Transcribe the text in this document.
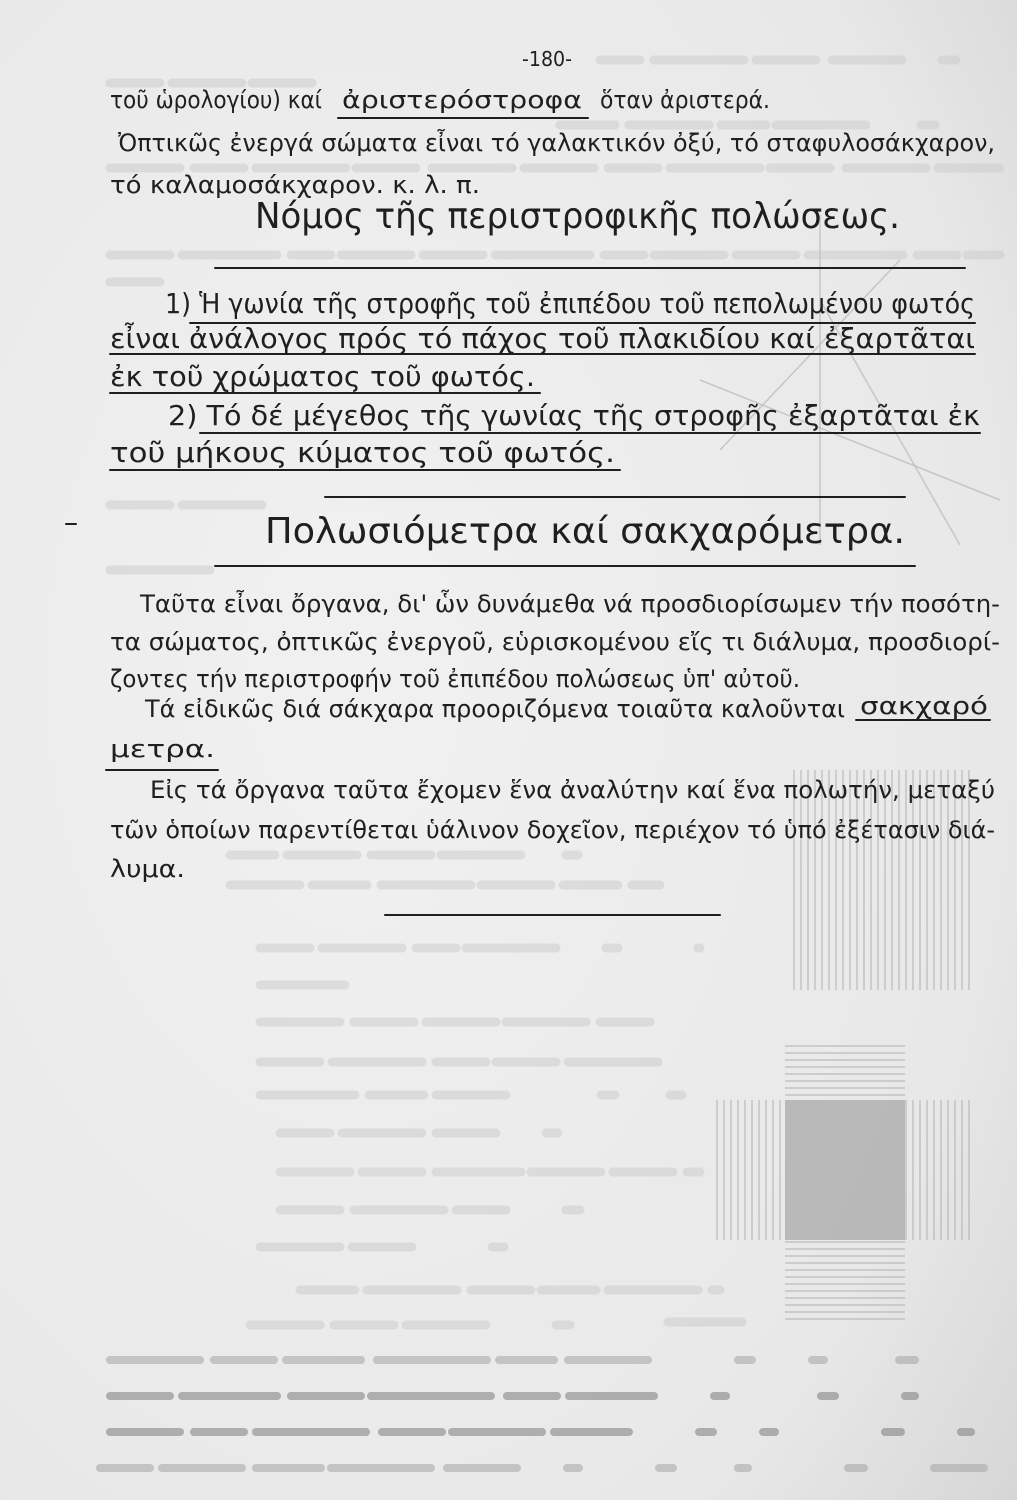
-180-
τοῦ ὡρολογίου) καί ἀριστερόστροφα ὅταν ἀριστερά.
Ὀπτικῶς ἐνεργά σώματα εἶναι τό γαλακτικόν ὀξύ, τό σταφυλοσάκχαρον,
τό καλαμοσάκχαρον. κ. λ. π.
Νόμος τῆς περιστροφικῆς πολώσεως.
1) Ἡ γωνία τῆς στροφῆς τοῦ ἐπιπέδου τοῦ πεπολωμένου φωτός
εἶναι ἀνάλογος πρός τό πάχος τοῦ πλακιδίου καί ἐξαρτᾶται
ἐκ τοῦ χρώματος τοῦ φωτός.
2) Τό δέ μέγεθος τῆς γωνίας τῆς στροφῆς ἐξαρτᾶται ἐκ
τοῦ μήκους κύματος τοῦ φωτός.
Πολωσιόμετρα καί σακχαρόμετρα.
Ταῦτα εἶναι ὄργανα, δι' ὧν δυνάμεθα νά προσδιορίσωμεν τήν ποσότη-
τα σώματος, ὀπτικῶς ἐνεργοῦ, εὑρισκομένου εἴς τι διάλυμα, προσδιορί-
ζοντες τήν περιστροφήν τοῦ ἐπιπέδου πολώσεως ὑπ' αὐτοῦ.
Τά εἰδικῶς διά σάκχαρα προοριζόμενα τοιαῦτα καλοῦνται σακχαρό
μετρα.
Εἰς τά ὄργανα ταῦτα ἔχομεν ἕνα ἀναλύτην καί ἕνα πολωτήν, μεταξύ
τῶν ὁποίων παρεντίθεται ὑάλινον δοχεῖον, περιέχον τό ὑπό ἐξέτασιν διά-
λυμα.
